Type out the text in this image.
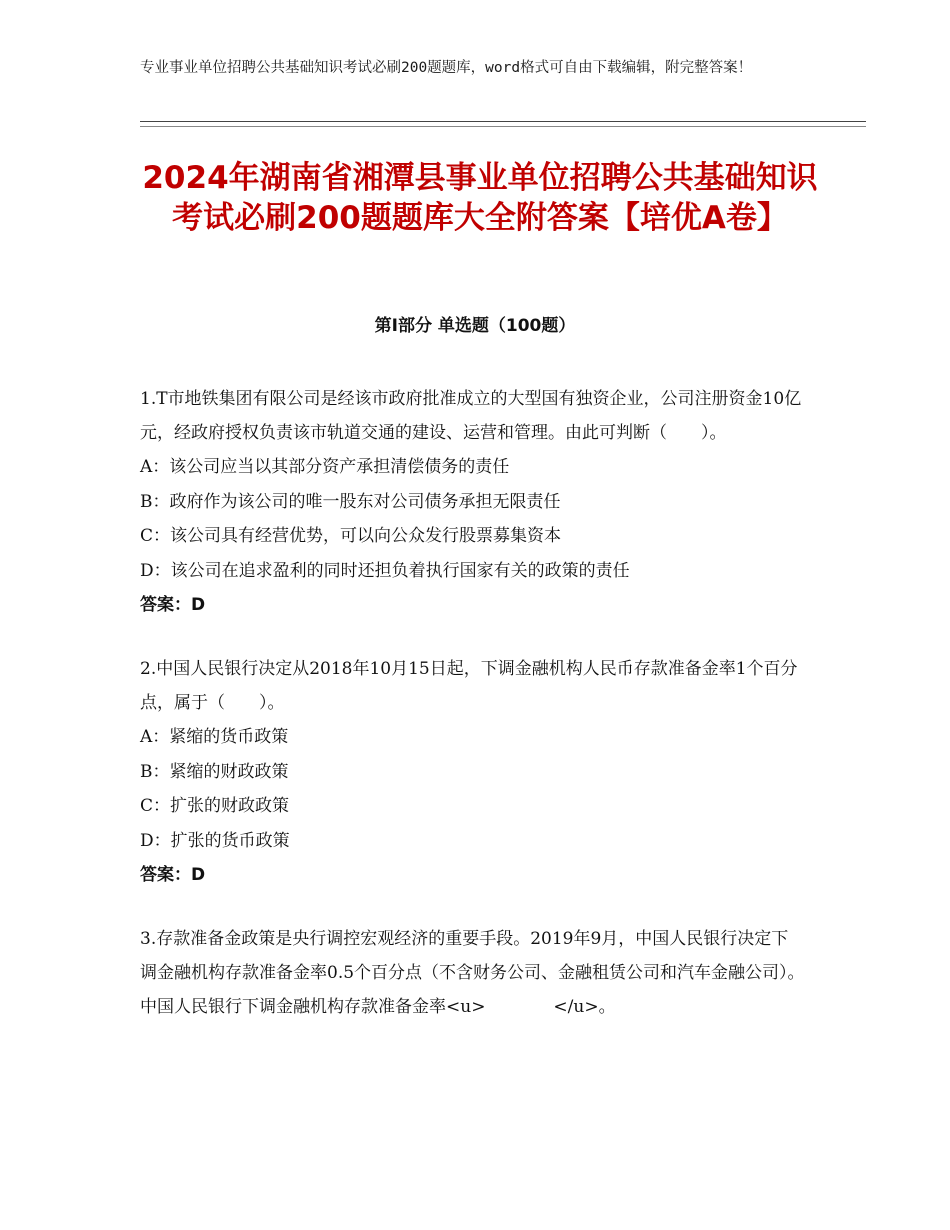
专业事业单位招聘公共基础知识考试必刷200题题库，word格式可自由下载编辑，附完整答案！
2024年湖南省湘潭县事业单位招聘公共基础知识考试必刷200题题库大全附答案【培优A卷】
第Ⅰ部分 单选题（100题）

1.T市地铁集团有限公司是经该市政府批准成立的大型国有独资企业，公司注册资金10亿元，经政府授权负责该市轨道交通的建设、运营和管理。由此可判断（　　）。

A：该公司应当以其部分资产承担清偿债务的责任

B：政府作为该公司的唯一股东对公司债务承担无限责任

C：该公司具有经营优势，可以向公众发行股票募集资本

D：该公司在追求盈利的同时还担负着执行国家有关的政策的责任

答案：D

2.中国人民银行决定从2018年10月15日起，下调金融机构人民币存款准备金率1个百分点，属于（　　）。

A：紧缩的货币政策

B：紧缩的财政政策

C：扩张的财政政策

D：扩张的货币政策

答案：D

3.存款准备金政策是央行调控宏观经济的重要手段。2019年9月，中国人民银行决定下调金融机构存款准备金率0.5个百分点（不含财务公司、金融租赁公司和汽车金融公司）。中国人民银行下调金融机构存款准备金率<u>　　　　</u>。
